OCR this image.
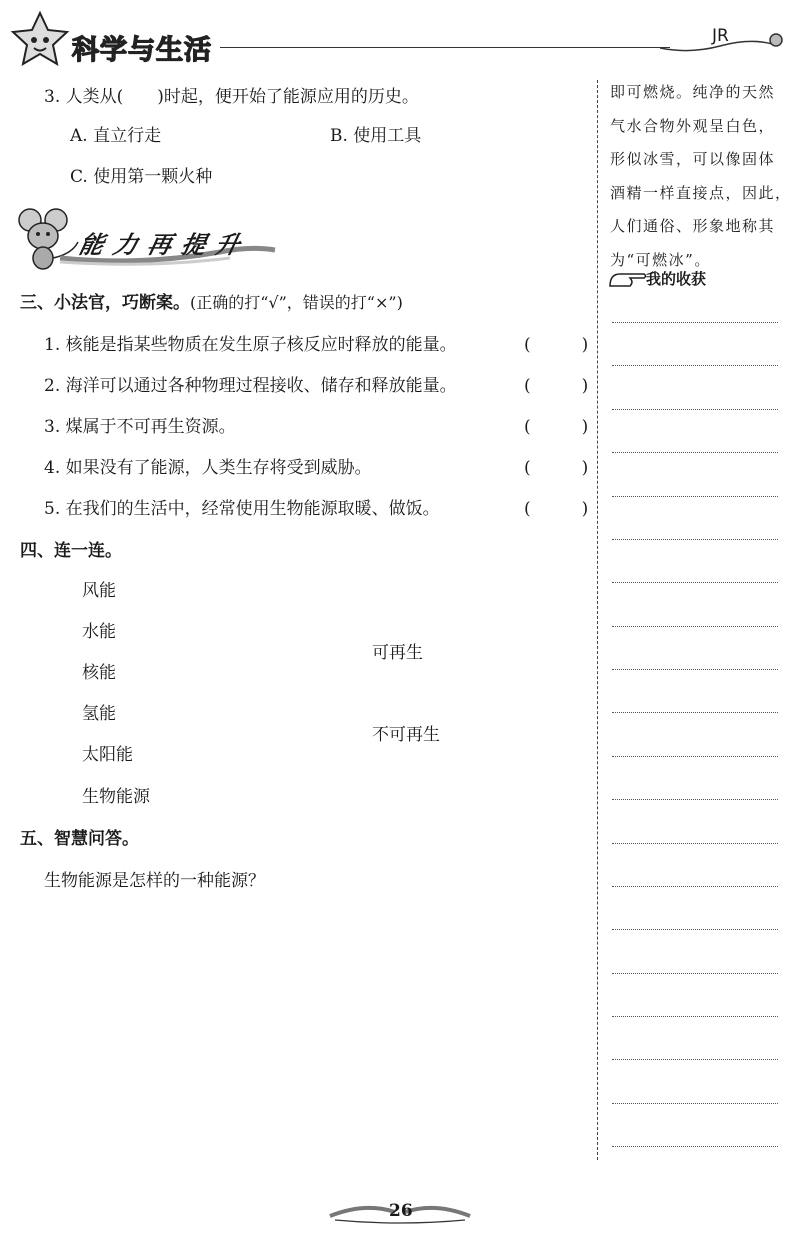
科学与生活	JR
3. 人类从(　　)时起，便开始了能源应用的历史。
A. 直立行走	B. 使用工具
C. 使用第一颗火种
能力再提升
三、小法官，巧断案。(正确的打“√”，错误的打“×”)
1. 核能是指某些物质在发生原子核反应时释放的能量。
2. 海洋可以通过各种物理过程接收、储存和释放能量。
3. 煤属于不可再生资源。
4. 如果没有了能源，人类生存将受到威胁。
5. 在我们的生活中，经常使用生物能源取暖、做饭。
(　　　)
(　　　)
(　　　)
(　　　)
(　　　)
四、连一连。
风能
水能
核能
氢能
太阳能
生物能源
可再生
不可再生
五、智慧问答。
生物能源是怎样的一种能源？
即可燃烧。纯净的天然
气水合物外观呈白色，
形似冰雪，可以像固体
酒精一样直接点，因此，
人们通俗、形象地称其
为“可燃冰”。
我的收获
26
